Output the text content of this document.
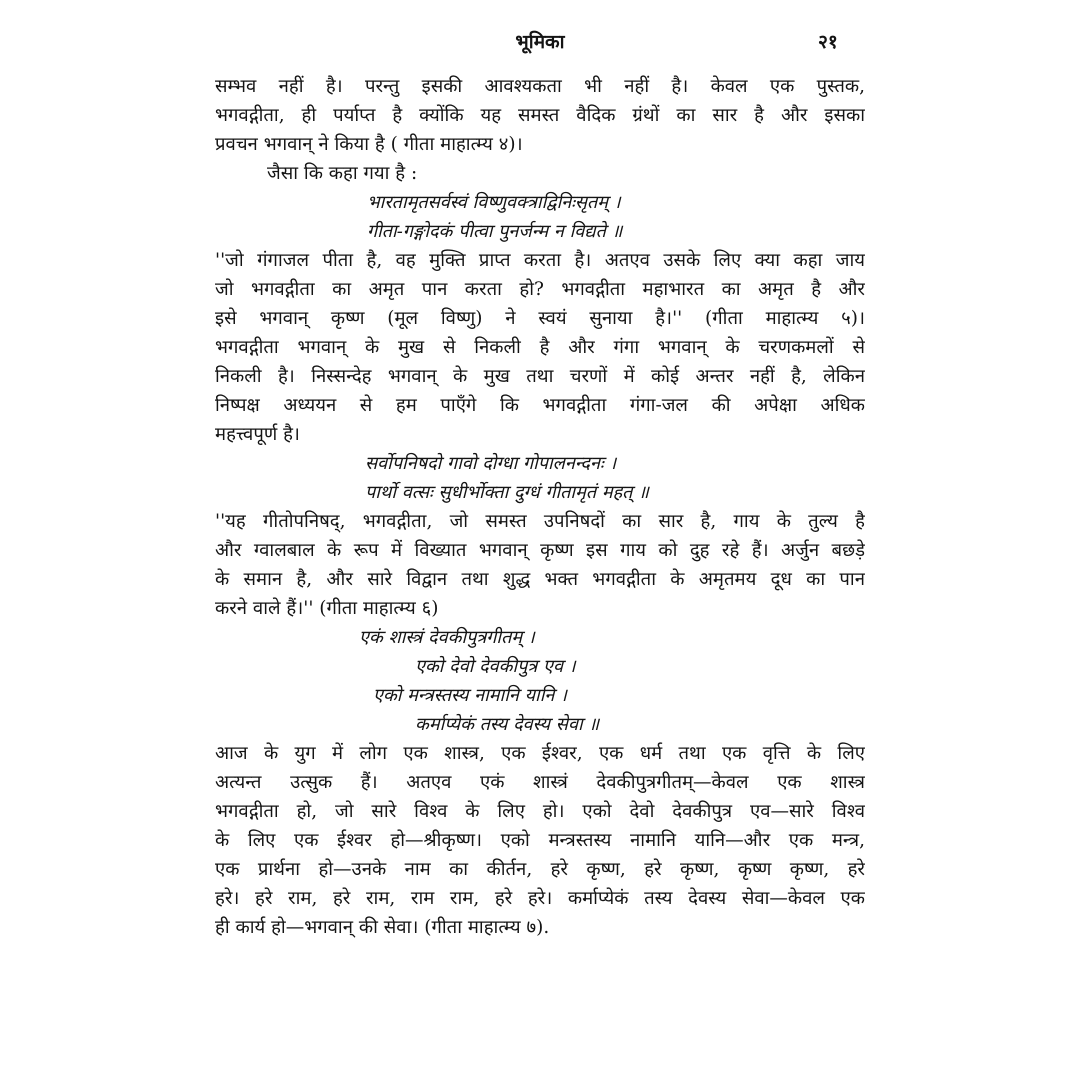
भूमिका	२१
सम्भव नहीं है। परन्तु इसकी आवश्यकता भी नहीं है। केवल एक पुस्तक,
भगवद्गीता, ही पर्याप्त है क्योंकि यह समस्त वैदिक ग्रंथों का सार है और इसका
प्रवचन भगवान् ने किया है ( गीता माहात्म्य ४)।
जैसा कि कहा गया है :
भारतामृतसर्वस्वं विष्णुवक्त्राद्विनिःसृतम् ।
गीता-गङ्गोदकं पीत्वा पुनर्जन्म न विद्यते ॥
''जो गंगाजल पीता है, वह मुक्ति प्राप्त करता है। अतएव उसके लिए क्या कहा जाय
जो भगवद्गीता का अमृत पान करता हो? भगवद्गीता महाभारत का अमृत है और
इसे भगवान् कृष्ण (मूल विष्णु) ने स्वयं सुनाया है।'' (गीता माहात्म्य ५)।
भगवद्गीता भगवान् के मुख से निकली है और गंगा भगवान् के चरणकमलों से
निकली है। निस्सन्देह भगवान् के मुख तथा चरणों में कोई अन्तर नहीं है, लेकिन
निष्पक्ष अध्ययन से हम पाएँगे कि भगवद्गीता गंगा-जल की अपेक्षा अधिक
महत्त्वपूर्ण है।
सर्वोपनिषदो गावो दोग्धा गोपालनन्दनः ।
पार्थो वत्सः सुधीर्भोक्ता दुग्धं गीतामृतं महत् ॥
''यह गीतोपनिषद्, भगवद्गीता, जो समस्त उपनिषदों का सार है, गाय के तुल्य है
और ग्वालबाल के रूप में विख्यात भगवान् कृष्ण इस गाय को दुह रहे हैं। अर्जुन बछड़े
के समान है, और सारे विद्वान तथा शुद्ध भक्त भगवद्गीता के अमृतमय दूध का पान
करने वाले हैं।'' (गीता माहात्म्य ६)
एकं शास्त्रं देवकीपुत्रगीतम् ।
एको देवो देवकीपुत्र एव ।
एको मन्त्रस्तस्य नामानि यानि ।
कर्माप्येकं तस्य देवस्य सेवा ॥
आज के युग में लोग एक शास्त्र, एक ईश्वर, एक धर्म तथा एक वृत्ति के लिए
अत्यन्त उत्सुक हैं। अतएव एकं शास्त्रं देवकीपुत्रगीतम्—केवल एक शास्त्र
भगवद्गीता हो, जो सारे विश्व के लिए हो। एको देवो देवकीपुत्र एव—सारे विश्व
के लिए एक ईश्वर हो—श्रीकृष्ण। एको मन्त्रस्तस्य नामानि यानि—और एक मन्त्र,
एक प्रार्थना हो—उनके नाम का कीर्तन, हरे कृष्ण, हरे कृष्ण, कृष्ण कृष्ण, हरे
हरे। हरे राम, हरे राम, राम राम, हरे हरे। कर्माप्येकं तस्य देवस्य सेवा—केवल एक
ही कार्य हो—भगवान् की सेवा। (गीता माहात्म्य ७).
